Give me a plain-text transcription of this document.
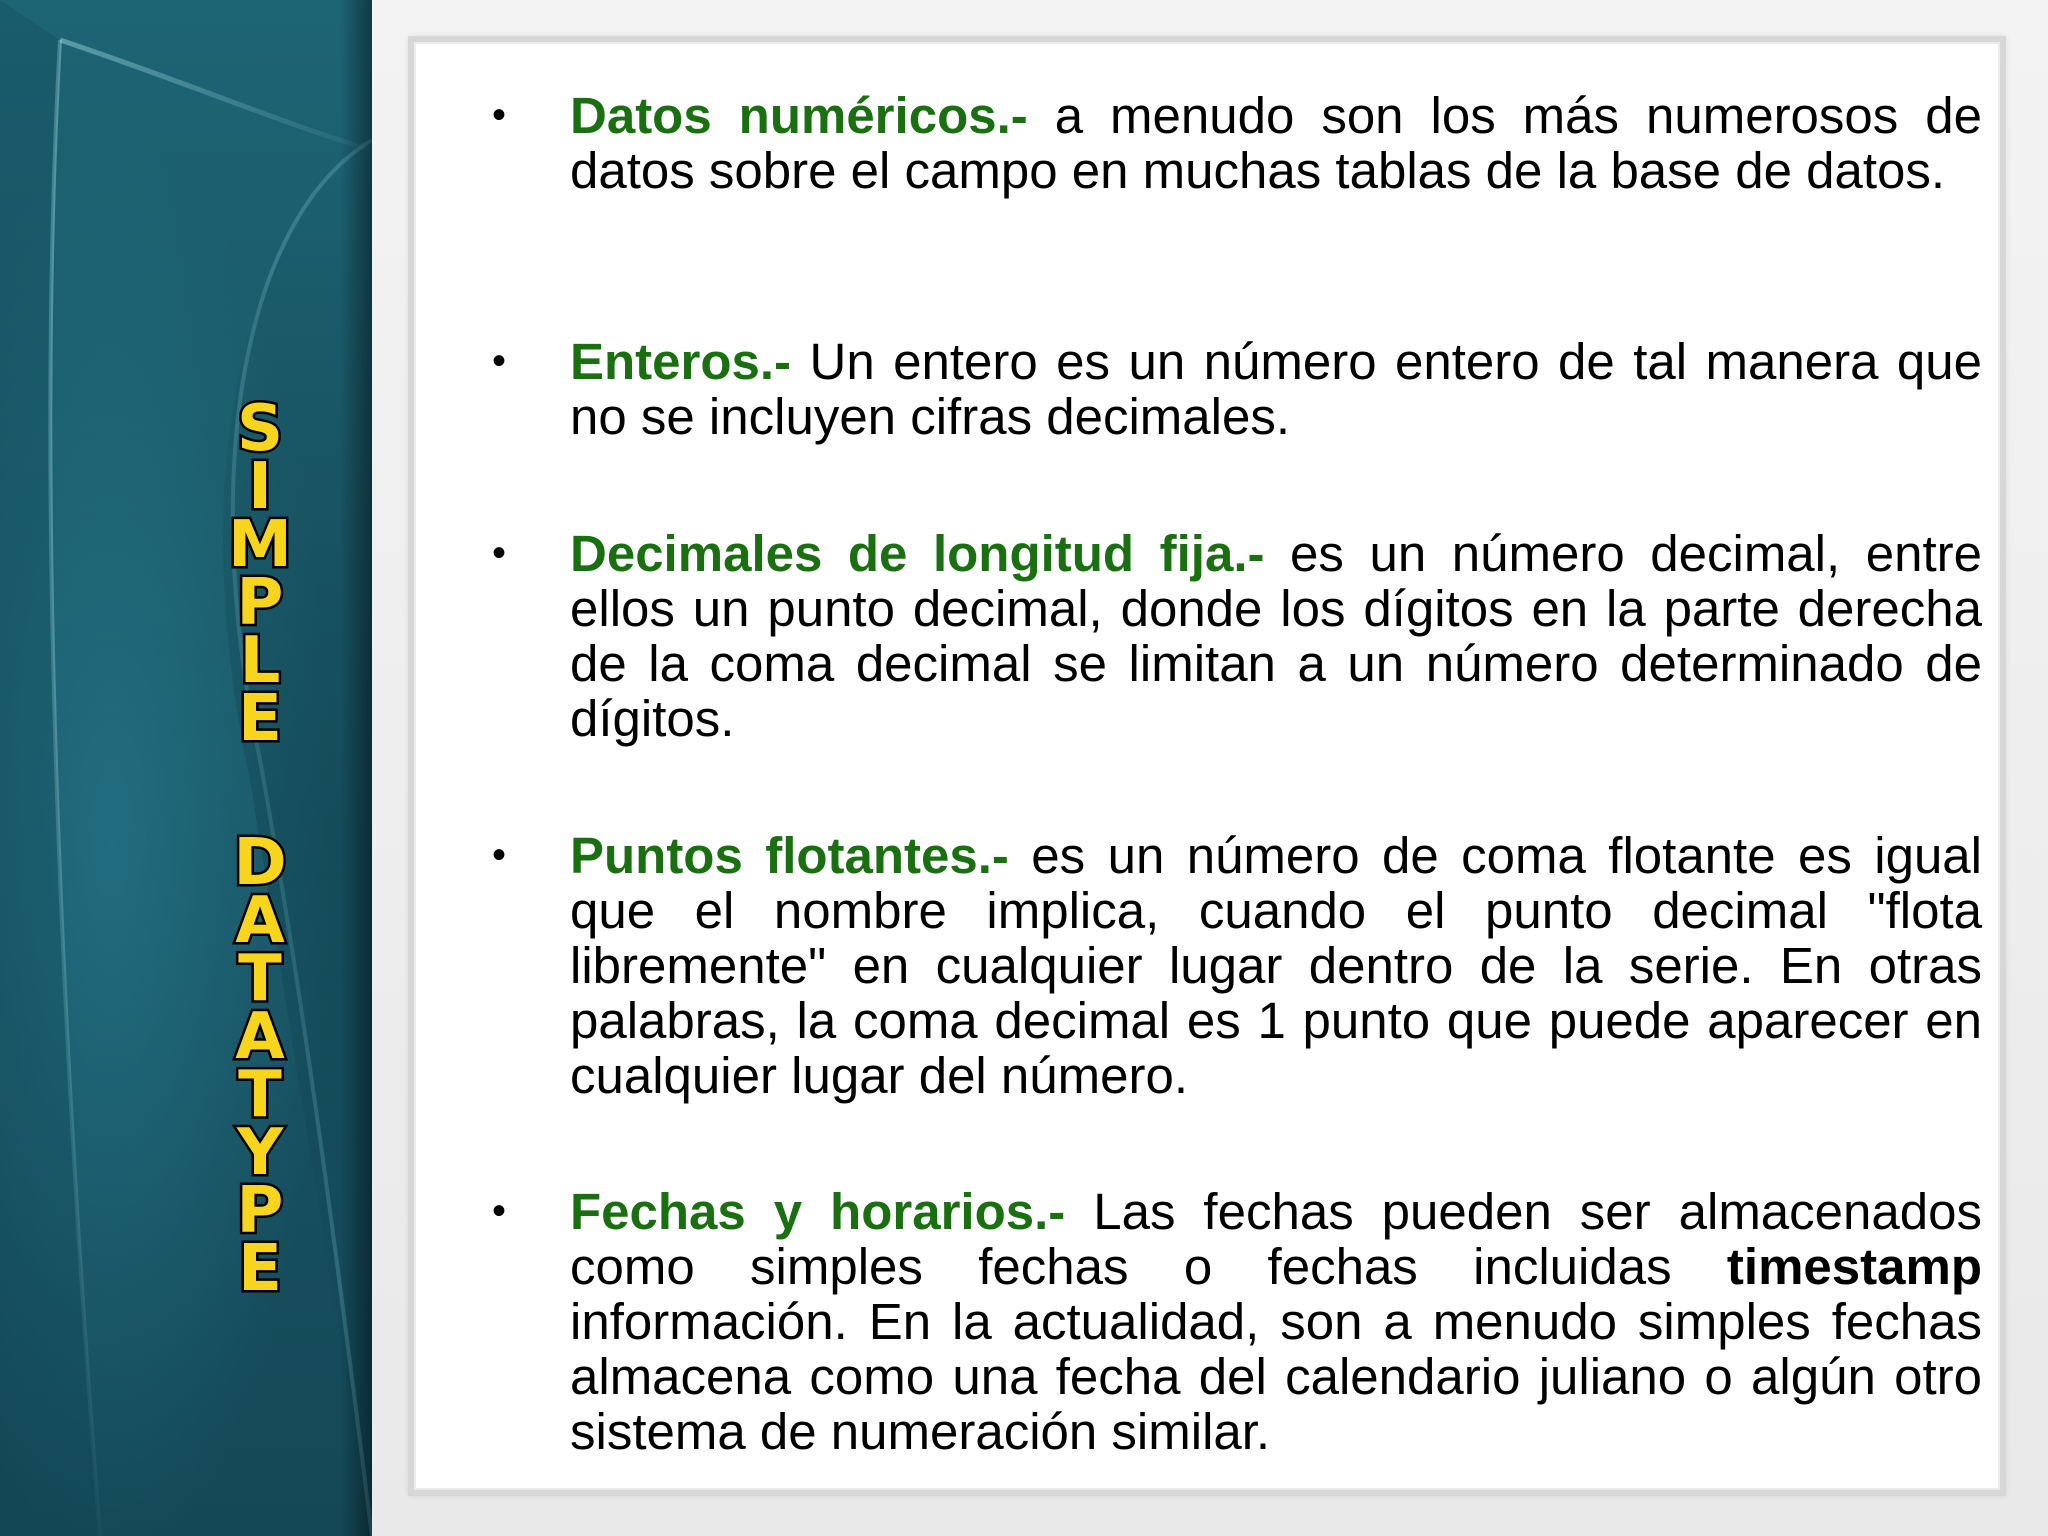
S
I
M
P
L
E
D
A
T
A
T
Y
P
E
• Datos numéricos.- a menudo son los más numerosos de datos sobre el campo en muchas tablas de la base de datos.
• Enteros.- Un entero es un número entero de tal manera que no se incluyen cifras decimales.
• Decimales de longitud fija.- es un número decimal, entre ellos un punto decimal, donde los dígitos en la parte derecha de la coma decimal se limitan a un número determinado de dígitos.
• Puntos flotantes.- es un número de coma flotante es igual que el nombre implica, cuando el punto decimal "flota libremente" en cualquier lugar dentro de la serie. En otras palabras, la coma decimal es 1 punto que puede aparecer en cualquier lugar del número.
• Fechas y horarios.- Las fechas pueden ser almacenados como simples fechas o fechas incluidas timestamp información. En la actualidad, son a menudo simples fechas almacena como una fecha del calendario juliano o algún otro sistema de numeración similar.
